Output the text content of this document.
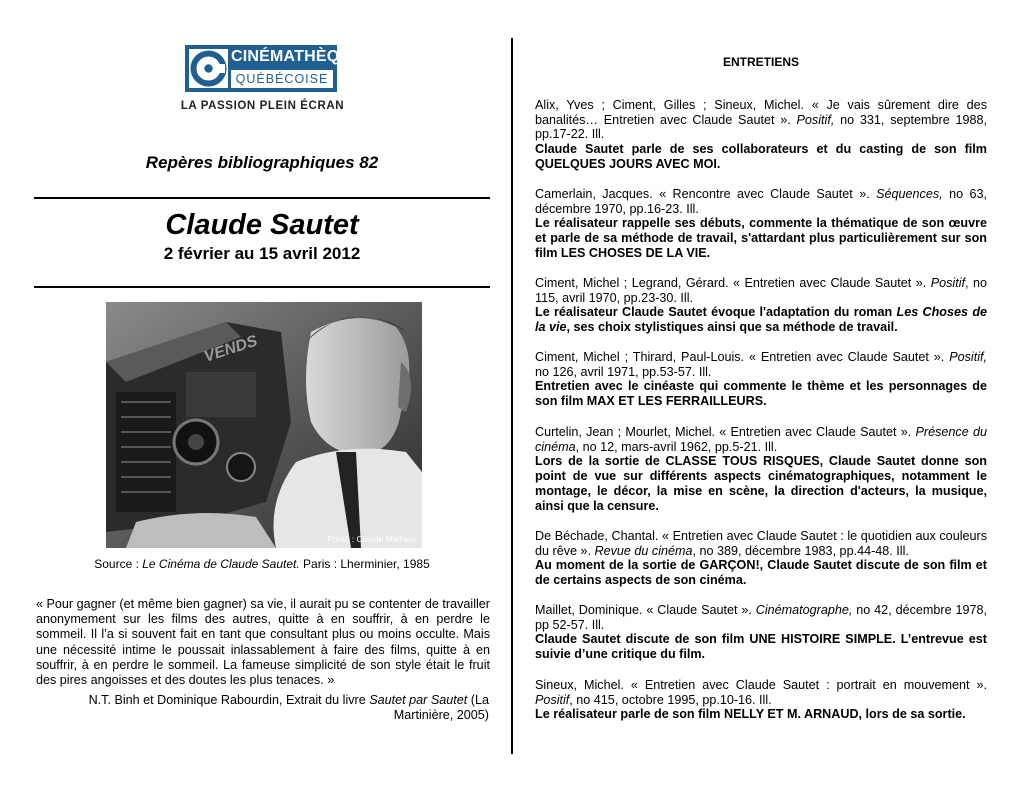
CINÉMATHÈQUE
QUÉBÉCOISE
LA PASSION PLEIN ÉCRAN
Repères bibliographiques 82
Claude Sautet
2 février au 15 avril 2012
VENDS
Photo : Claude Mathieu
Source : Le Cinéma de Claude Sautet. Paris : Lherminier, 1985
« Pour gagner (et même bien gagner) sa vie, il aurait pu se contenter de travailler anonymement sur les films des autres, quitte à en souffrir, à en perdre le sommeil. Il l’a si souvent fait en tant que consultant plus ou moins occulte. Mais une nécessité intime le poussait inlassablement à faire des films, quitte à en souffrir, à en perdre le sommeil. La fameuse simplicité de son style était le fruit des pires angoisses et des doutes les plus tenaces. »
N.T. Binh et Dominique Rabourdin, Extrait du livre Sautet par Sautet (La Martinière, 2005)
ENTRETIENS
Alix, Yves ; Ciment, Gilles ; Sineux, Michel. « Je vais sûrement dire des banalités… Entretien avec Claude Sautet ». Positif, no 331, septembre 1988, pp.17-22. Ill.
Claude Sautet parle de ses collaborateurs et du casting de son film QUELQUES JOURS AVEC MOI.
Camerlain, Jacques. « Rencontre avec Claude Sautet ». Séquences, no 63, décembre 1970, pp.16-23. Ill.
Le réalisateur rappelle ses débuts, commente la thématique de son œuvre et parle de sa méthode de travail, s'attardant plus particulièrement sur son film LES CHOSES DE LA VIE.
Ciment, Michel ; Legrand, Gérard. « Entretien avec Claude Sautet ». Positif, no 115, avril 1970, pp.23-30. Ill.
Le réalisateur Claude Sautet évoque l'adaptation du roman Les Choses de la vie, ses choix stylistiques ainsi que sa méthode de travail.
Ciment, Michel ; Thirard, Paul-Louis. « Entretien avec Claude Sautet ». Positif, no 126, avril 1971, pp.53-57. Ill.
Entretien avec le cinéaste qui commente le thème et les personnages de son film MAX ET LES FERRAILLEURS.
Curtelin, Jean ; Mourlet, Michel. « Entretien avec Claude Sautet ». Présence du cinéma, no 12, mars-avril 1962, pp.5-21. Ill.
Lors de la sortie de CLASSE TOUS RISQUES, Claude Sautet donne son point de vue sur différents aspects cinématographiques, notamment le montage, le décor, la mise en scène, la direction d'acteurs, la musique, ainsi que la censure.
De Béchade, Chantal. « Entretien avec Claude Sautet : le quotidien aux couleurs du rêve ». Revue du cinéma, no 389, décembre 1983, pp.44-48. Ill.
Au moment de la sortie de GARÇON!, Claude Sautet discute de son film et de certains aspects de son cinéma.
Maillet, Dominique. « Claude Sautet ». Cinématographe, no 42, décembre 1978, pp 52-57. Ill.
Claude Sautet discute de son film UNE HISTOIRE SIMPLE. L’entrevue est suivie d’une critique du film.
Sineux, Michel. « Entretien avec Claude Sautet : portrait en mouvement ». Positif, no 415, octobre 1995, pp.10-16. Ill.
Le réalisateur parle de son film NELLY ET M. ARNAUD, lors de sa sortie.
